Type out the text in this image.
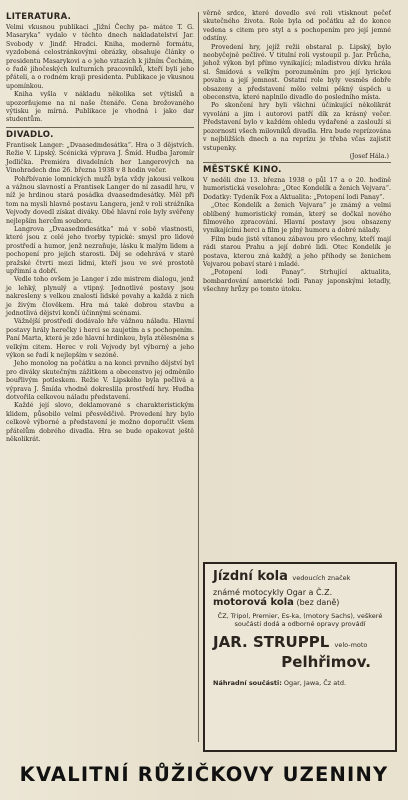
LITERATURA.

Velmi vkusnou publikaci „Jižní Čechy pa- mátce T. G. Masaryka“ vydalo v těchto dnech nakladatelství Jar. Svobody v Jindř. Hradci. Kniha, moderně formátu, vyzdobená celostránkovými obrázky, obsahuje články o presidentu Masarykovi a o jeho vztazích k jižním Čechám, o řadě jihočeských kulturních pracovníků, kteří byli jeho přáteli, a o rodném kraji presidenta. Publikace je vkusnou upomínkou.

Kniha vyšla v nákladu několika set výtisků a upozorňujeme na ni naše čtenáře. Cena brožovaného výtisku je mírná. Publikace je vhodná i jako dar studentům.

DIVADLO.

Frantisek Langer: „Dvaasedmdesátka“. Hra o 3 dějstvích. Režie V. Lipský. Scénická výprava J. Šmíd. Hudba Jaromír Jedlička. Premiéra divadelních her Langerových na Vinohradech dne 26. března 1938 v 8 hodin večer.

Pohřbívanie lomnických mužů byla vždy jakousi velkou a vážnou slavností a Frantisek Langer do ní zasadil hru, v níž je hrdinou stará posádka dvaasedmdesátky. Měl při tom na mysli hlavně postavu Langera, jenž v roli strážníka Vejvody dovedl získat diváky. Obě hlavní role byly svěřeny nejlepším hercům souboru.

Langrova „Dvaasedmdesátka“ má v sobě vlastnosti, které jsou z celé jeho tvorby typické: smysl pro lidové prostředí a humor, jenž nezraňuje, lásku k malým lidem a pochopení pro jejich starosti. Děj se odehrává v staré pražské čtvrti mezi lidmi, kteří jsou ve své prostotě upřímní a dobří.

Vedle toho ovšem je Langer i zde mistrem dialogu, jenž je lehký, plynulý a vtipný. Jednotlivé postavy jsou nakresleny s velkou znalostí lidské povahy a každá z nich je živým člověkem. Hra má také dobrou stavbu a jednotlivá dějství končí účinnými scénami.

Vážnější prostředí dodávalo hře vážnou náladu. Hlavní postavy hrály herečky i herci se zaujetím a s pochopením. Paní Marta, která je zde hlavní hrdinkou, byla ztělesněna s velkým citem. Herec v roli Vejvody byl výborný a jeho výkon se řadí k nejlepším v sezóně.

Jeho monolog na počátku a na konci prvního dějství byl pro diváky skutečným zážitkem a obecenstvo jej odměnilo bouřlivým potleskem. Režie V. Lipského byla pečlivá a výprava J. Šmída vhodně dokreslila prostředí hry. Hudba dotvořila celkovou náladu představení.

Každé její slovo, deklamované s charakteristickým klidem, působilo velmi přesvědčivě. Provedení hry bylo celkově výborné a představení je možno doporučit všem přátelům dobrého divadla. Hra se bude opakovat ještě několikrát.

věrně srdce, které dovedlo své roli vtisknout pečeť skutečného života. Role byla od počátku až do konce vedena s citem pro styl a s pochopením pro její jemné odstíny.

Provedení hry, jejíž režii obstaral p. Lipský, bylo neobyčejně pečlivé. V titulní roli vystoupil p. Jar. Průcha, jehož výkon byl přímo vynikající; mladistvou dívku hrála sl. Šmídová s velkým porozuměním pro její lyrickou povahu a její jemnost. Ostatní role byly vesměs dobře obsazeny a představení mělo velmi pěkný úspěch u obecenstva, které naplnilo divadlo do posledního místa.

Po skončení hry byli všichni účinkující několikrát vyvoláni a jim i autorovi patří dík za krásný večer. Představení bylo v každém ohledu vydařené a zaslouží si pozornosti všech milovníků divadla. Hra bude reprízována v nejbližších dnech a na reprízu je třeba včas zajistit vstupenky.

(Josef Hála.)
MĚSTSKÉ KINO.

V neděli dne 13. března 1938 o půl 17 a o 20. hodině humoristická veselohra: „Otec Kondelík a ženich Vejvara“. Dodatky: Tydeník Fox a Aktualita: „Potopení lodi Panay“.

„Otec Kondelík a ženich Vejvara“ je známý a velmi oblíbený humoristický román, který se dočkal nového filmového zpracování. Hlavní postavy jsou obsazeny vynikajícími herci a film je plný humoru a dobré nálady.

Film bude jistě vítanou zábavou pro všechny, kteří mají rádi starou Prahu a její dobré lidi. Otec Kondelík je postava, kterou zná každý, a jeho příhody se ženichem Vejvarou pobaví staré i mladé.

„Potopení lodi Panay“. Strhující aktualita, bombardování americké lodi Panay japonskými letadly, všechny hrůzy po tomto útoku.

Jízdní kola vedoucích značek
známé motocykly Ogar a Č.Z.
motorová kola (bez daně)
ČZ, Tripol, Premier, Es-ka, (motory Sachs), veškeré součásti dodá a odborné opravy provádí
JAR. STRUPPL velo-moto
Pelhřimov.
Náhradní součásti: Ogar, Jawa, Čz atd.
KVALITNÍ RŮŽIČKOVY UZENINY
